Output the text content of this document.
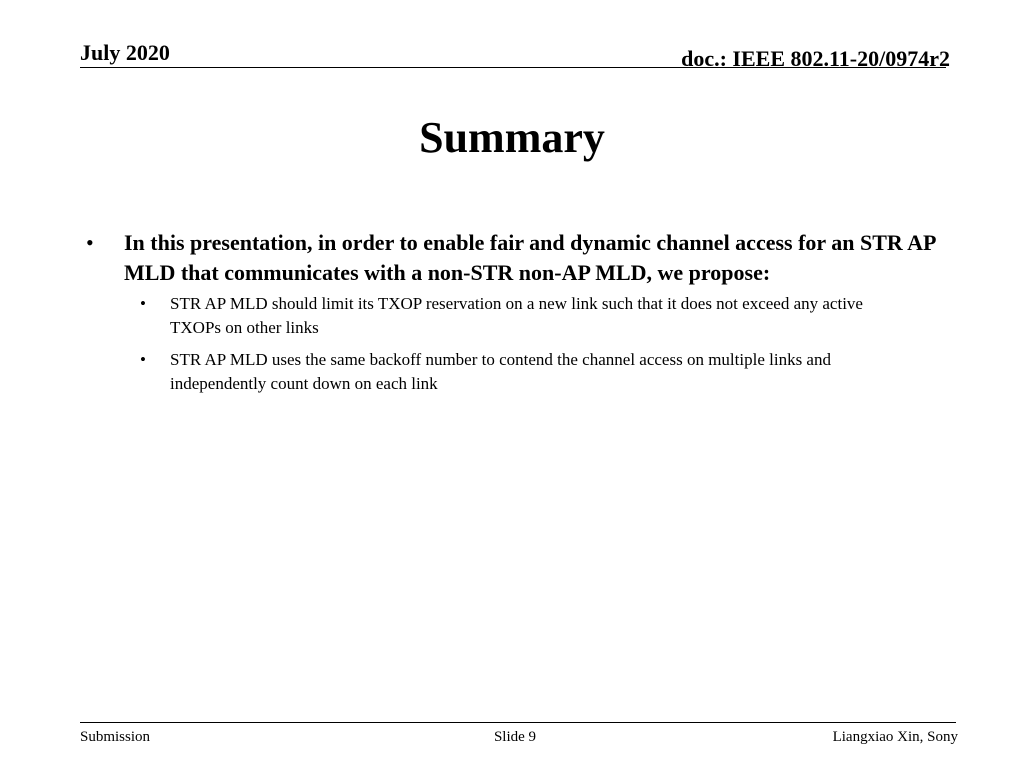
July 2020	doc.: IEEE 802.11-20/0974r2
Summary
• In this presentation, in order to enable fair and dynamic channel access for an STR AP MLD that communicates with a non-STR non-AP MLD, we propose:
• STR AP MLD should limit its TXOP reservation on a new link such that it does not exceed any active TXOPs on other links
• STR AP MLD uses the same backoff number to contend the channel access on multiple links and independently count down on each link
Submission	Slide 9	Liangxiao Xin, Sony
